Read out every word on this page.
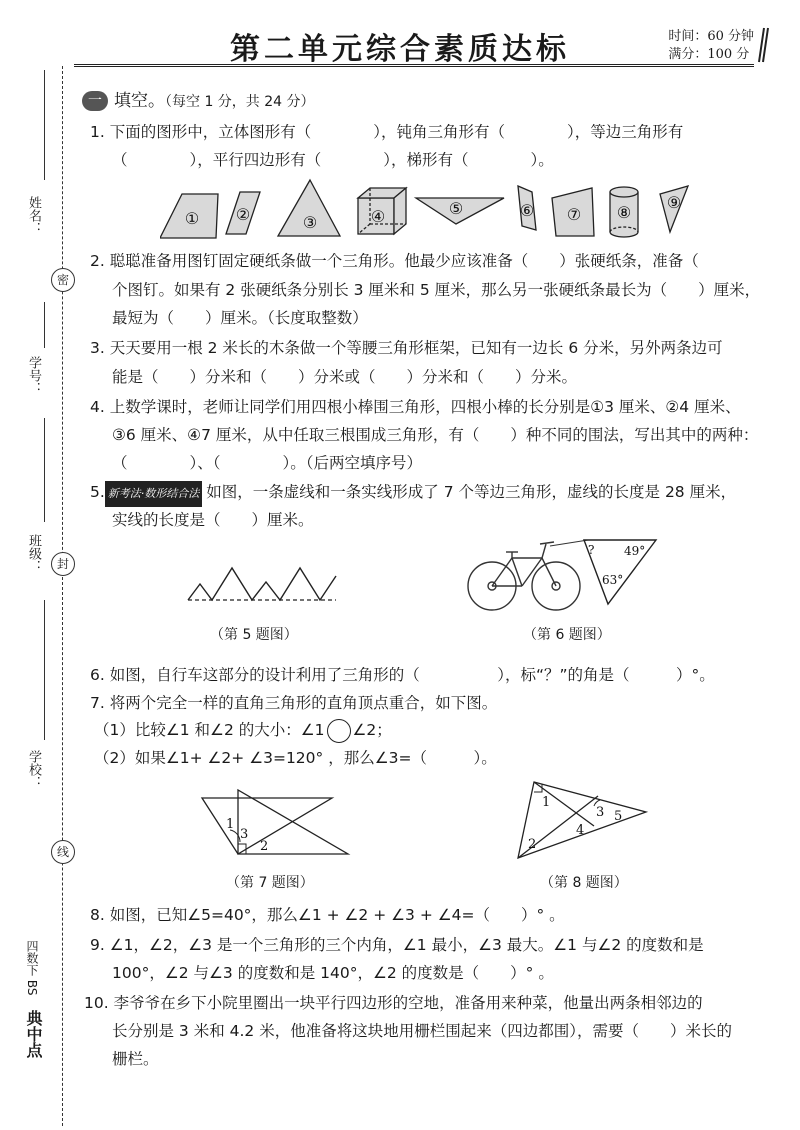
第二单元综合素质达标	时间：60 分钟
满分：100 分
姓名：
密
学号：
班级：	封
学校：
线
四数下 BS
典中点
一 填空。（每空 1 分，共 24 分）
1. 下面的图形中，立体图形有（　　　　），钝角三角形有（　　　　），等边三角形有
（　　　　），平行四边形有（　　　　），梯形有（　　　　）。
① ②	③	④	⑤	⑥ ⑦ ⑧
⑨
2. 聪聪准备用图钉固定硬纸条做一个三角形。他最少应该准备（　　）张硬纸条，准备（
个图钉。如果有 2 张硬纸条分别长 3 厘米和 5 厘米，那么另一张硬纸条最长为（　　）厘米，
最短为（　　）厘米。（长度取整数）
3. 天天要用一根 2 米长的木条做一个等腰三角形框架，已知有一边长 6 分米，另外两条边可
能是（　　）分米和（　　）分米或（　　）分米和（　　）分米。
4. 上数学课时，老师让同学们用四根小棒围三角形，四根小棒的长分别是①3 厘米、②4 厘米、
③6 厘米、④7 厘米，从中任取三根围成三角形，有（　　）种不同的围法，写出其中的两种：
（　　　　）、（　　　　）。（后两空填序号）
5. 新考法·数形结合法 如图，一条虚线和一条实线形成了 7 个等边三角形，虚线的长度是 28 厘米，
实线的长度是（　　）厘米。
（第 5 题图）
? 49°
63°
（第 6 题图）
6. 如图，自行车这部分的设计利用了三角形的（　　　　　），标“？”的角是（　　　）°。
7. 将两个完全一样的直角三角形的直角顶点重合，如下图。
（1）比较∠1 和∠2 的大小：∠1 ∠2；
（2）如果∠1+ ∠2+ ∠3=120° ，那么∠3=（　　　）。
1
3
2
（第 7 题图）
1
2
3
4
5
（第 8 题图）
8. 如图，已知∠5=40°，那么∠1 + ∠2 + ∠3 + ∠4=（　　）° 。
9. ∠1，∠2，∠3 是一个三角形的三个内角，∠1 最小，∠3 最大。∠1 与∠2 的度数和是
100°，∠2 与∠3 的度数和是 140°，∠2 的度数是（　　）° 。
10. 李爷爷在乡下小院里圈出一块平行四边形的空地，准备用来种菜，他量出两条相邻边的
长分别是 3 米和 4.2 米，他准备将这块地用栅栏围起来（四边都围），需要（　　）米长的
栅栏。
